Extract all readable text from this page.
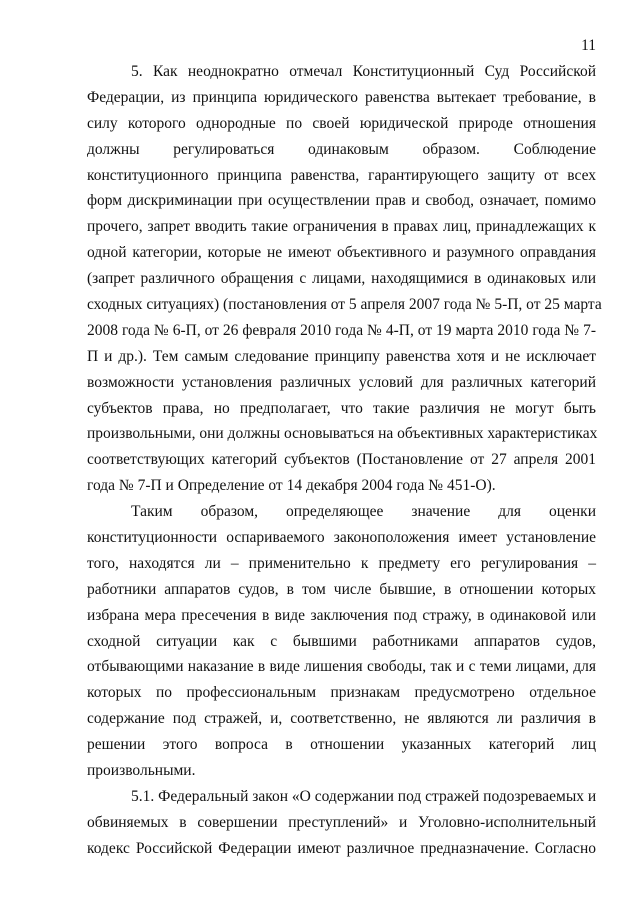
11
5. Как неоднократно отмечал Конституционный Суд Российской
Федерации, из принципа юридического равенства вытекает требование, в
силу которого однородные по своей юридической природе отношения
должны регулироваться одинаковым образом. Соблюдение
конституционного принципа равенства, гарантирующего защиту от всех
форм дискриминации при осуществлении прав и свобод, означает, помимо
прочего, запрет вводить такие ограничения в правах лиц, принадлежащих к
одной категории, которые не имеют объективного и разумного оправдания
(запрет различного обращения с лицами, находящимися в одинаковых или
сходных ситуациях) (постановления от 5 апреля 2007 года № 5-П, от 25 марта
2008 года № 6-П, от 26 февраля 2010 года № 4-П, от 19 марта 2010 года № 7-
П и др.). Тем самым следование принципу равенства хотя и не исключает
возможности установления различных условий для различных категорий
субъектов права, но предполагает, что такие различия не могут быть
произвольными, они должны основываться на объективных характеристиках
соответствующих категорий субъектов (Постановление от 27 апреля 2001
года № 7-П и Определение от 14 декабря 2004 года № 451-О).
Таким образом, определяющее значение для оценки
конституционности оспариваемого законоположения имеет установление
того, находятся ли – применительно к предмету его регулирования –
работники аппаратов судов, в том числе бывшие, в отношении которых
избрана мера пресечения в виде заключения под стражу, в одинаковой или
сходной ситуации как с бывшими работниками аппаратов судов,
отбывающими наказание в виде лишения свободы, так и с теми лицами, для
которых по профессиональным признакам предусмотрено отдельное
содержание под стражей, и, соответственно, не являются ли различия в
решении этого вопроса в отношении указанных категорий лиц
произвольными.
5.1. Федеральный закон «О содержании под стражей подозреваемых и
обвиняемых в совершении преступлений» и Уголовно-исполнительный
кодекс Российской Федерации имеют различное предназначение. Согласно
